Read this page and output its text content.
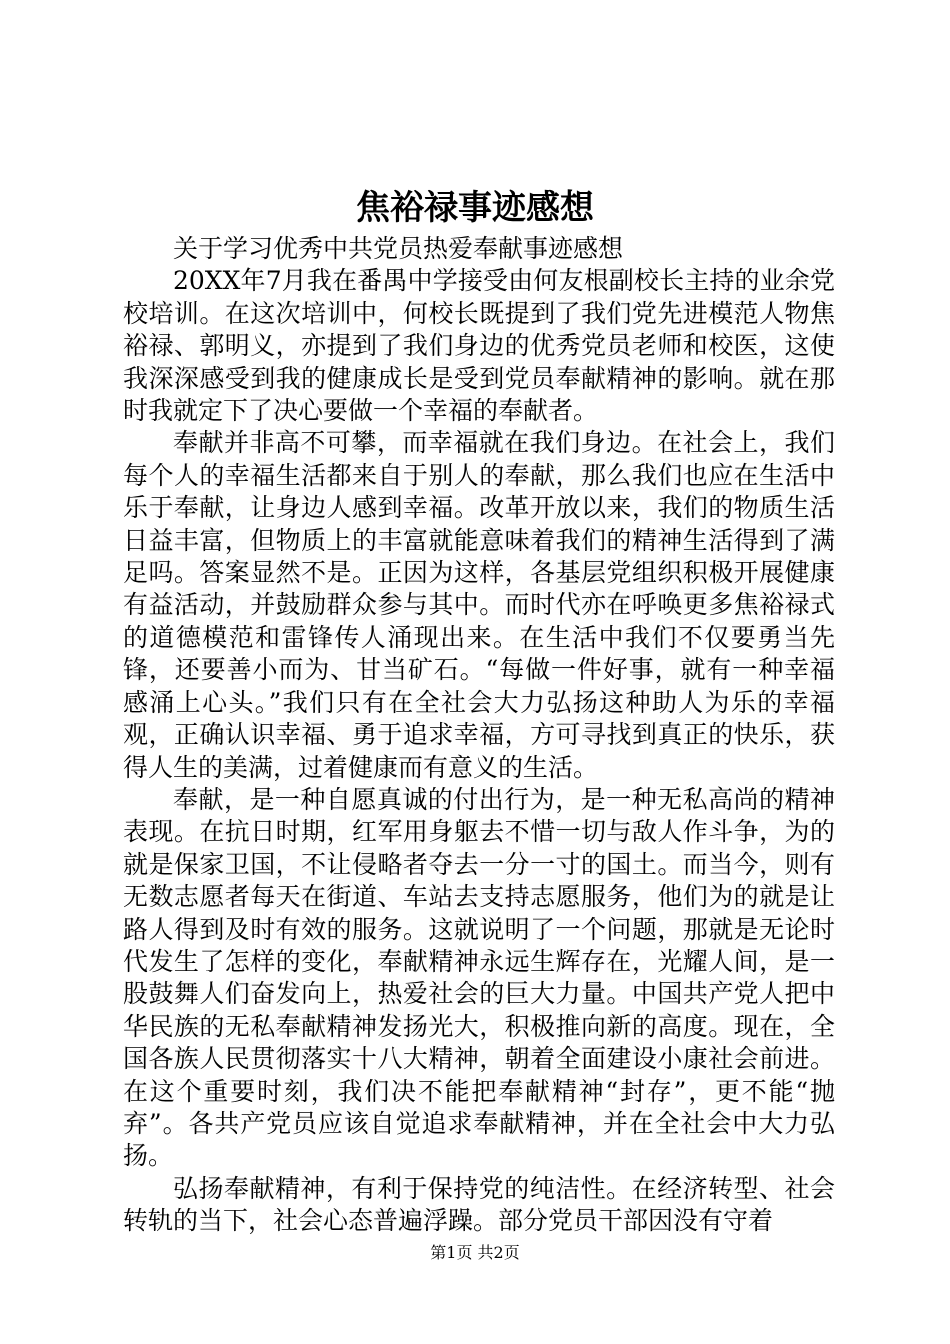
焦裕禄事迹感想

关于学习优秀中共党员热爱奉献事迹感想

20XX年7月我在番禺中学接受由何友根副校长主持的业余党校培训。在这次培训中，何校长既提到了我们党先进模范人物焦裕禄、郭明义，亦提到了我们身边的优秀党员老师和校医，这使我深深感受到我的健康成长是受到党员奉献精神的影响。就在那时我就定下了决心要做一个幸福的奉献者。

奉献并非高不可攀，而幸福就在我们身边。在社会上，我们每个人的幸福生活都来自于别人的奉献，那么我们也应在生活中乐于奉献，让身边人感到幸福。改革开放以来，我们的物质生活日益丰富，但物质上的丰富就能意味着我们的精神生活得到了满足吗。答案显然不是。正因为这样，各基层党组织积极开展健康有益活动，并鼓励群众参与其中。而时代亦在呼唤更多焦裕禄式的道德模范和雷锋传人涌现出来。在生活中我们不仅要勇当先锋，还要善小而为、甘当矿石。“每做一件好事，就有一种幸福感涌上心头。”我们只有在全社会大力弘扬这种助人为乐的幸福观，正确认识幸福、勇于追求幸福，方可寻找到真正的快乐，获得人生的美满，过着健康而有意义的生活。

奉献，是一种自愿真诚的付出行为，是一种无私高尚的精神表现。在抗日时期，红军用身躯去不惜一切与敌人作斗争，为的就是保家卫国，不让侵略者夺去一分一寸的国土。而当今，则有无数志愿者每天在街道、车站去支持志愿服务，他们为的就是让路人得到及时有效的服务。这就说明了一个问题，那就是无论时代发生了怎样的变化，奉献精神永远生辉存在，光耀人间，是一股鼓舞人们奋发向上，热爱社会的巨大力量。中国共产党人把中华民族的无私奉献精神发扬光大，积极推向新的高度。现在，全国各族人民贯彻落实十八大精神，朝着全面建设小康社会前进。在这个重要时刻，我们决不能把奉献精神“封存”，更不能“抛弃”。各共产党员应该自觉追求奉献精神，并在全社会中大力弘扬。

弘扬奉献精神，有利于保持党的纯洁性。在经济转型、社会转轨的当下，社会心态普遍浮躁。部分党员干部因没有守着

第1页 共2页
